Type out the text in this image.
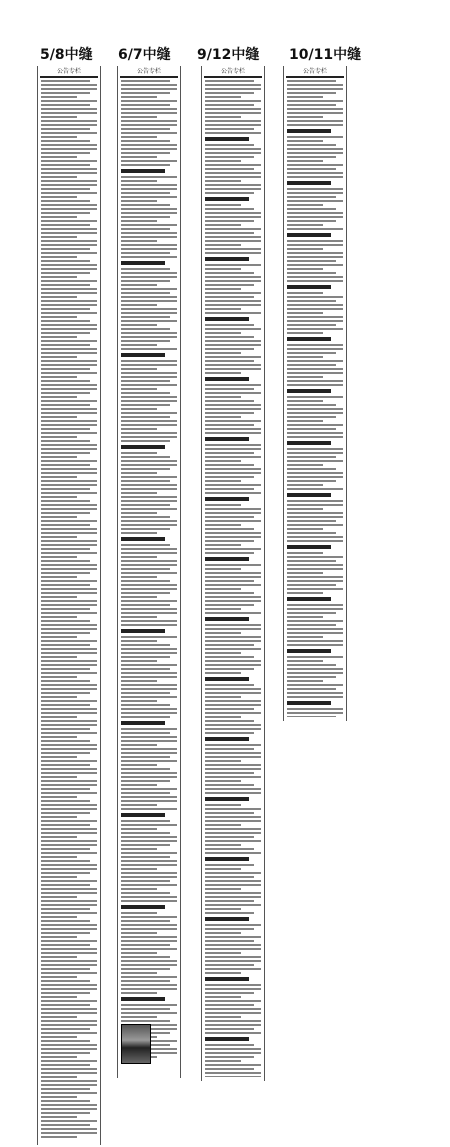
5/8中缝 6/7中缝 9/12中缝 10/11中缝
公告专栏	公告专栏	公告专栏	公告专栏
